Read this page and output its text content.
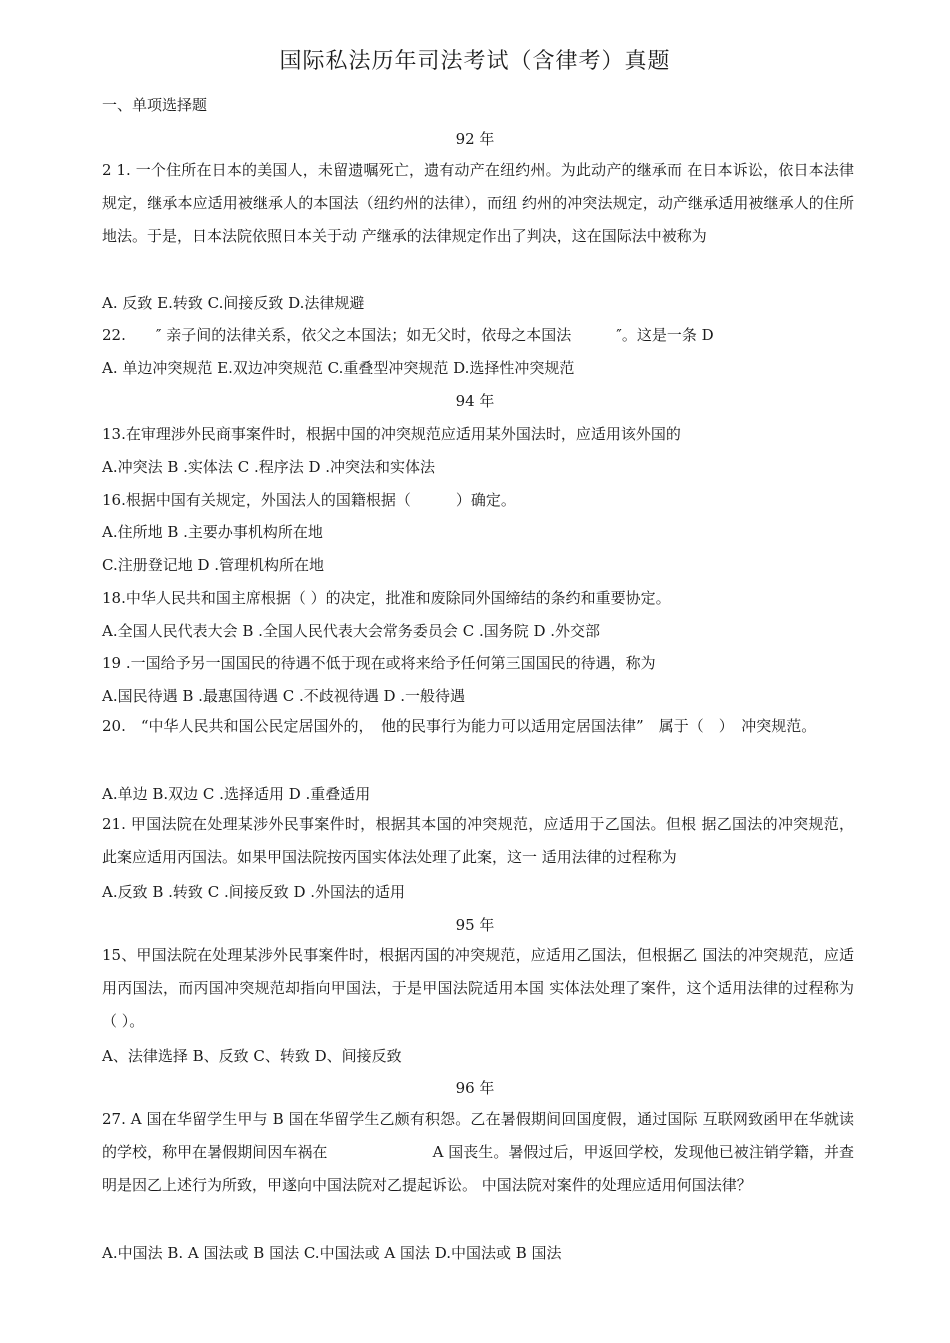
国际私法历年司法考试（含律考）真题
一、单项选择题
92 年
2 1. 一个住所在日本的美国人，未留遗嘱死亡，遗有动产在纽约州。为此动产的继承而 在日本诉讼，依日本法律规定，继承本应适用被继承人的本国法（纽约州的法律），而纽 约州的冲突法规定，动产继承适用被继承人的住所地法。于是，日本法院依照日本关于动 产继承的法律规定作出了判决，这在国际法中被称为
A. 反致 E.转致 C.间接反致 D.法律规避
22.　　″ 亲子间的法律关系，依父之本国法；如无父时，依母之本国法　　　″。这是一条 D
A. 单边冲突规范 E.双边冲突规范 C.重叠型冲突规范 D.选择性冲突规范
94 年
13.在审理涉外民商事案件时，根据中国的冲突规范应适用某外国法时，应适用该外国的
A.冲突法 B .实体法 C .程序法 D .冲突法和实体法
16.根据中国有关规定，外国法人的国籍根据（　　　）确定。
A.住所地 B .主要办事机构所在地
C.注册登记地 D .管理机构所在地
18.中华人民共和国主席根据（ ）的决定，批准和废除同外国缔结的条约和重要协定。
A.全国人民代表大会 B .全国人民代表大会常务委员会 C .国务院 D .外交部
19 .一国给予另一国国民的待遇不低于现在或将来给予任何第三国国民的待遇，称为
A.国民待遇 B .最惠国待遇 C .不歧视待遇 D .一般待遇
20.　“中华人民共和国公民定居国外的，　他的民事行为能力可以适用定居国法律”　属于（　）　冲突规范。
A.单边 B.双边 C .选择适用 D .重叠适用
21. 甲国法院在处理某涉外民事案件时，根据其本国的冲突规范，应适用于乙国法。但根 据乙国法的冲突规范，此案应适用丙国法。如果甲国法院按丙国实体法处理了此案，这一 适用法律的过程称为
A.反致 B .转致 C .间接反致 D .外国法的适用
95 年
15、甲国法院在处理某涉外民事案件时，根据丙国的冲突规范，应适用乙国法，但根据乙 国法的冲突规范，应适用丙国法，而丙国冲突规范却指向甲国法，于是甲国法院适用本国 实体法处理了案件，这个适用法律的过程称为（ ）。
A、法律选择 B、反致 C、转致 D、间接反致
96 年
27. A 国在华留学生甲与 B 国在华留学生乙颇有积怨。乙在暑假期间回国度假，通过国际 互联网致函甲在华就读的学校，称甲在暑假期间因车祸在　　　　　　　A 国丧生。暑假过后，甲返回学校，发现他已被注销学籍，并查明是因乙上述行为所致，甲遂向中国法院对乙提起诉讼。 中国法院对案件的处理应适用何国法律？
A.中国法 B. A 国法或 B 国法 C.中国法或 A 国法 D.中国法或 B 国法
